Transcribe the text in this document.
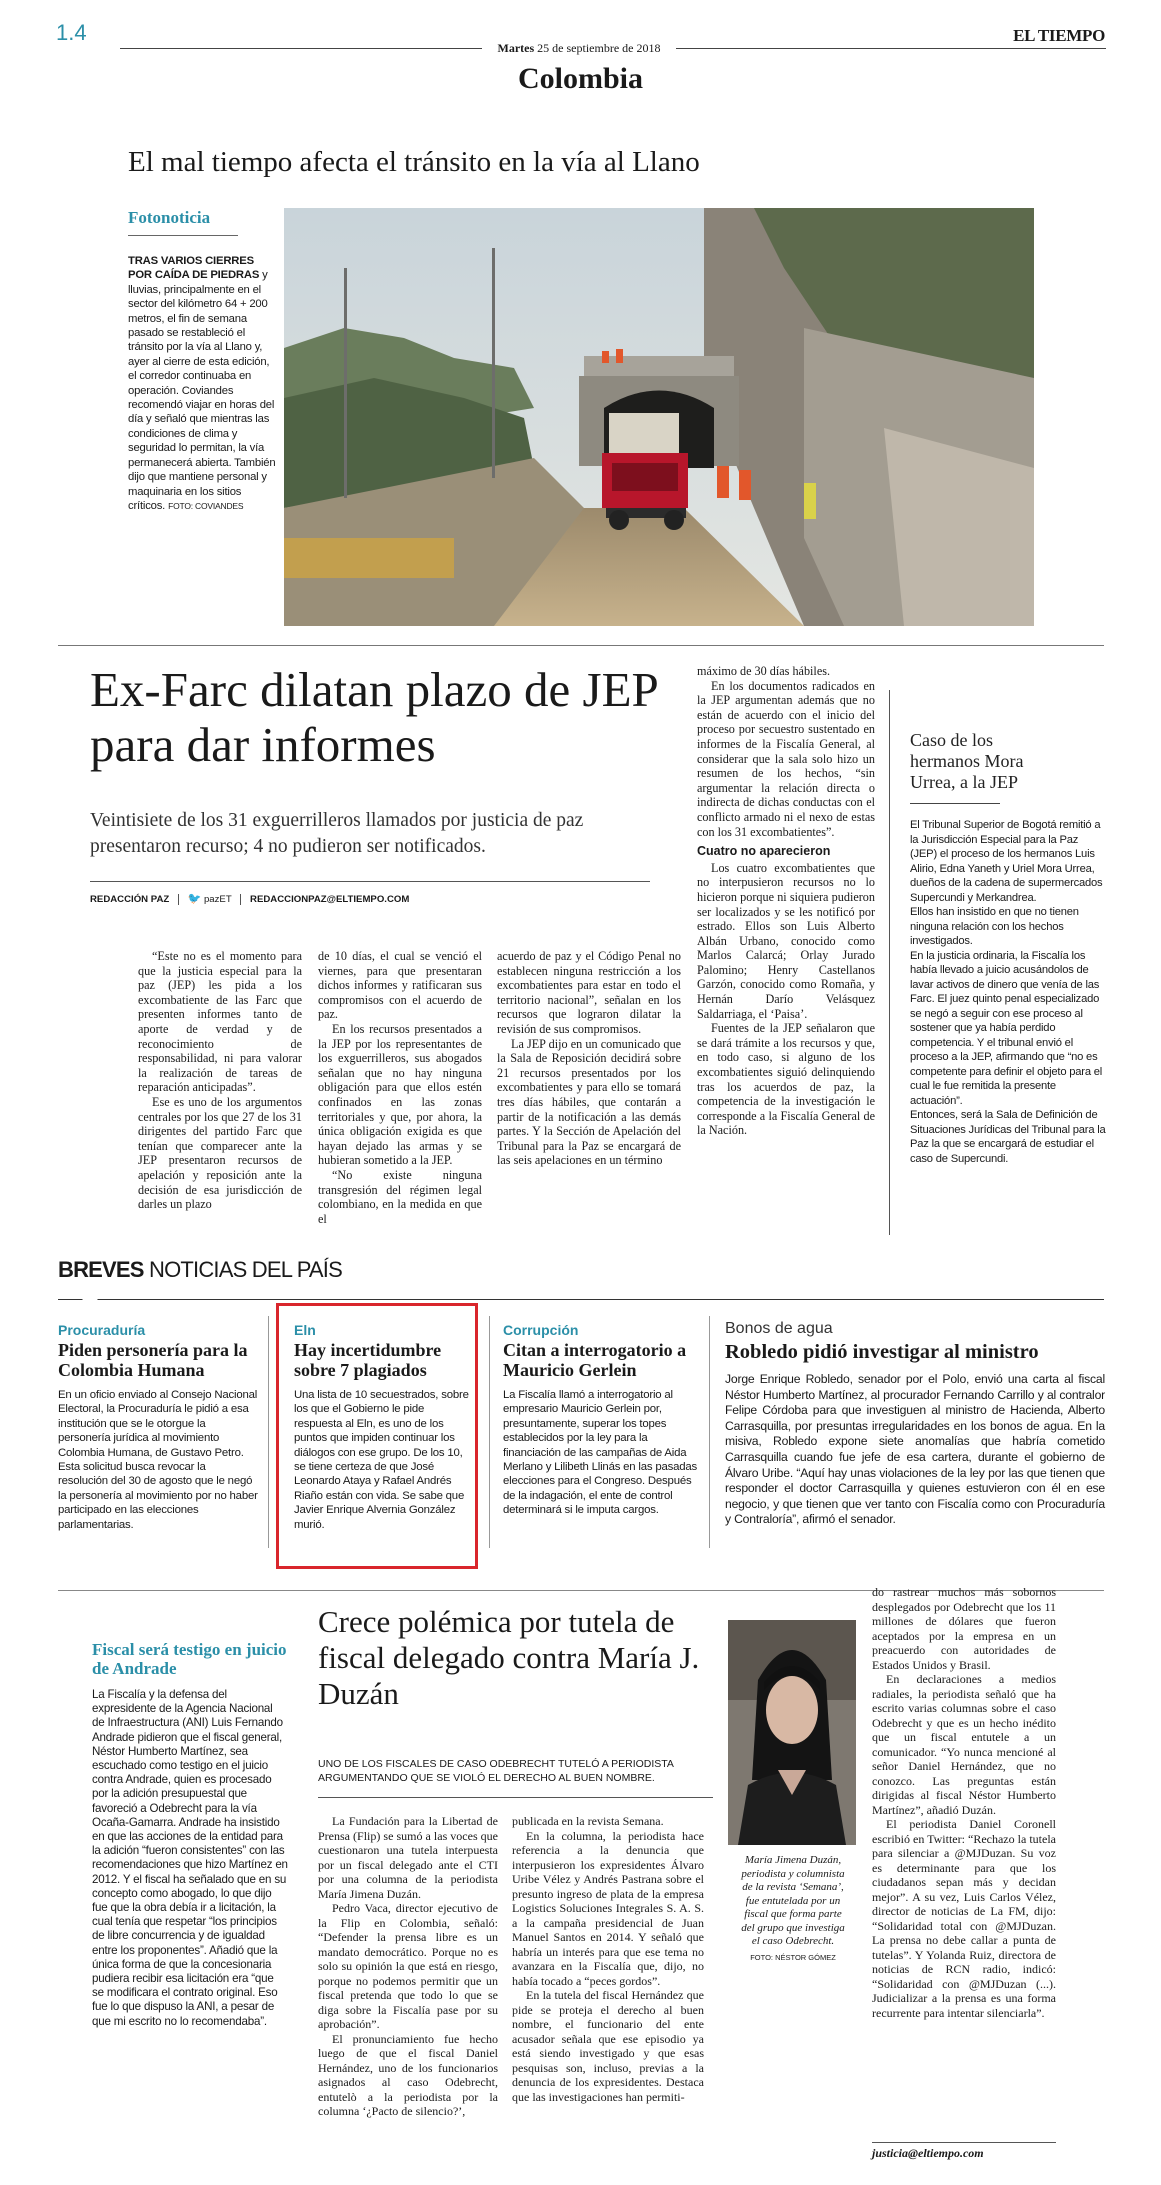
1.4
Martes 25 de septiembre de 2018
EL TIEMPO
Colombia
El mal tiempo afecta el tránsito en la vía al Llano
Fotonoticia
TRAS VARIOS CIERRES POR CAÍDA DE PIEDRAS y lluvias, principalmente en el sector del kilómetro 64 + 200 metros, el fin de semana pasado se restableció el tránsito por la vía al Llano y, ayer al cierre de esta edición, el corredor continuaba en operación. Coviandes recomendó viajar en horas del día y señaló que mientras las condiciones de clima y seguridad lo permitan, la vía permanecerá abierta. También dijo que mantiene personal y maquinaria en los sitios críticos. FOTO: COVIANDES
Ex-Farc dilatan plazo de JEP para dar informes
Veintisiete de los 31 exguerrilleros llamados por justicia de paz presentaron recurso; 4 no pudieron ser notificados.
REDACCIÓN PAZ 🐦 pazET REDACCIONPAZ@ELTIEMPO.COM

“Este no es el momento para que la justicia especial para la paz (JEP) les pida a los excombatiente de las Farc que presenten informes tanto de aporte de verdad y de reconocimiento de responsabilidad, ni para valorar la realización de tareas de reparación anticipadas”.

Ese es uno de los argumentos centrales por los que 27 de los 31 dirigentes del partido Farc que tenían que comparecer ante la JEP presentaron recursos de apelación y reposición ante la decisión de esa jurisdicción de darles un plazo

de 10 días, el cual se venció el viernes, para que presentaran dichos informes y ratificaran sus compromisos con el acuerdo de paz.

En los recursos presentados a la JEP por los representantes de los exguerrilleros, sus abogados señalan que no hay ninguna obligación para que ellos estén confinados en las zonas territoriales y que, por ahora, la única obligación exigida es que hayan dejado las armas y se hubieran sometido a la JEP.

“No existe ninguna transgresión del régimen legal colombiano, en la medida en que el

acuerdo de paz y el Código Penal no establecen ninguna restricción a los excombatientes para estar en todo el territorio nacional”, señalan en los recursos que lograron dilatar la revisión de sus compromisos.

La JEP dijo en un comunicado que la Sala de Reposición decidirá sobre 21 recursos presentados por los excombatientes y para ello se tomará tres días hábiles, que contarán a partir de la notificación a las demás partes. Y la Sección de Apelación del Tribunal para la Paz se encargará de las seis apelaciones en un término

máximo de 30 días hábiles.

En los documentos radicados en la JEP argumentan además que no están de acuerdo con el inicio del proceso por secuestro sustentado en informes de la Fiscalía General, al considerar que la sala solo hizo un resumen de los hechos, “sin argumentar la relación directa o indirecta de dichas conductas con el conflicto armado ni el nexo de estas con los 31 excombatientes”.

Cuatro no aparecieron

Los cuatro excombatientes que no interpusieron recursos no lo hicieron porque ni siquiera pudieron ser localizados y se les notificó por estrado. Ellos son Luis Alberto Albán Urbano, conocido como Marlos Calarcá; Orlay Jurado Palomino; Henry Castellanos Garzón, conocido como Romaña, y Hernán Darío Velásquez Saldarriaga, el ‘Paisa’.

Fuentes de la JEP señalaron que se dará trámite a los recursos y que, en todo caso, si alguno de los excombatientes siguió delinquiendo tras los acuerdos de paz, la competencia de la investigación le corresponde a la Fiscalía General de la Nación.

Caso de los hermanos Mora Urrea, a la JEP
El Tribunal Superior de Bogotá remitió a la Jurisdicción Especial para la Paz (JEP) el proceso de los hermanos Luis Alirio, Edna Yaneth y Uriel Mora Urrea, dueños de la cadena de supermercados Supercundi y Merkandrea.
Ellos han insistido en que no tienen ninguna relación con los hechos investigados.
En la justicia ordinaria, la Fiscalía los había llevado a juicio acusándolos de lavar activos de dinero que venía de las Farc. El juez quinto penal especializado se negó a seguir con ese proceso al sostener que ya había perdido competencia. Y el tribunal envió el proceso a la JEP, afirmando que “no es competente para definir el objeto para el cual le fue remitida la presente actuación”.
Entonces, será la Sala de Definición de Situaciones Jurídicas del Tribunal para la Paz la que se encargará de estudiar el caso de Supercundi.
BREVES NOTICIAS DEL PAÍS
Procuraduría
Piden personería para la Colombia Humana
En un oficio enviado al Consejo Nacional Electoral, la Procuraduría le pidió a esa institución que se le otorgue la personería jurídica al movimiento Colombia Humana, de Gustavo Petro. Esta solicitud busca revocar la resolución del 30 de agosto que le negó la personería al movimiento por no haber participado en las elecciones parlamentarias.
Eln
Hay incertidumbre sobre 7 plagiados
Una lista de 10 secuestrados, sobre los que el Gobierno le pide respuesta al Eln, es uno de los puntos que impiden continuar los diálogos con ese grupo. De los 10, se tiene certeza de que José Leonardo Ataya y Rafael Andrés Riaño están con vida. Se sabe que Javier Enrique Alvernia González murió.
Corrupción
Citan a interrogatorio a Mauricio Gerlein
La Fiscalía llamó a interrogatorio al empresario Mauricio Gerlein por, presuntamente, superar los topes establecidos por la ley para la financiación de las campañas de Aida Merlano y Lilibeth Llinás en las pasadas elecciones para el Congreso. Después de la indagación, el ente de control determinará si le imputa cargos.
Bonos de agua
Robledo pidió investigar al ministro
Jorge Enrique Robledo, senador por el Polo, envió una carta al fiscal Néstor Humberto Martínez, al procurador Fernando Carrillo y al contralor Felipe Córdoba para que investiguen al ministro de Hacienda, Alberto Carrasquilla, por presuntas irregularidades en los bonos de agua. En la misiva, Robledo expone siete anomalías que habría cometido Carrasquilla cuando fue jefe de esa cartera, durante el gobierno de Álvaro Uribe. “Aquí hay unas violaciones de la ley por las que tienen que responder el doctor Carrasquilla y quienes estuvieron con él en ese negocio, y que tienen que ver tanto con Fiscalía como con Procuraduría y Contraloría”, afirmó el senador.
Fiscal será testigo en juicio de Andrade
La Fiscalía y la defensa del expresidente de la Agencia Nacional de Infraestructura (ANI) Luis Fernando Andrade pidieron que el fiscal general, Néstor Humberto Martínez, sea escuchado como testigo en el juicio contra Andrade, quien es procesado por la adición presupuestal que favoreció a Odebrecht para la vía Ocaña-Gamarra. Andrade ha insistido en que las acciones de la entidad para la adición “fueron consistentes” con las recomendaciones que hizo Martínez en 2012. Y el fiscal ha señalado que en su concepto como abogado, lo que dijo fue que la obra debía ir a licitación, la cual tenía que respetar “los principios de libre concurrencia y de igualdad entre los proponentes”. Añadió que la única forma de que la concesionaria pudiera recibir esa licitación era “que se modificara el contrato original. Eso fue lo que dispuso la ANI, a pesar de que mi escrito no lo recomendaba”.
Crece polémica por tutela de fiscal delegado contra María J. Duzán
UNO DE LOS FISCALES DE CASO ODEBRECHT TUTELÓ A PERIODISTA ARGUMENTANDO QUE SE VIOLÓ EL DERECHO AL BUEN NOMBRE.

La Fundación para la Libertad de Prensa (Flip) se sumó a las voces que cuestionaron una tutela interpuesta por un fiscal delegado ante el CTI por una columna de la periodista María Jimena Duzán.

Pedro Vaca, director ejecutivo de la Flip en Colombia, señaló: “Defender la prensa libre es un mandato democrático. Porque no es solo su opinión la que está en riesgo, porque no podemos permitir que un fiscal pretenda que todo lo que se diga sobre la Fiscalía pase por su aprobación”.

El pronunciamiento fue hecho luego de que el fiscal Daniel Hernández, uno de los funcionarios asignados al caso Odebrecht, entutelò a la periodista por la columna ‘¿Pacto de silencio?’,

publicada en la revista Semana.

En la columna, la periodista hace referencia a la denuncia que interpusieron los expresidentes Álvaro Uribe Vélez y Andrés Pastrana sobre el presunto ingreso de plata de la empresa Logistics Soluciones Integrales S. A. S. a la campaña presidencial de Juan Manuel Santos en 2014. Y señaló que habría un interés para que ese tema no avanzara en la Fiscalía que, dijo, no había tocado a “peces gordos”.

En la tutela del fiscal Hernández que pide se proteja el derecho al buen nombre, el funcionario del ente acusador señala que ese episodio ya está siendo investigado y que esas pesquisas son, incluso, previas a la denuncia de los expresidentes. Destaca que las investigaciones han permiti-

María Jimena Duzán, periodista y columnista de la revista ‘Semana’, fue entutelada por un fiscal que forma parte del grupo que investiga el caso Odebrecht.
FOTO: NÉSTOR GÓMEZ

do rastrear muchos más sobornos desplegados por Odebrecht que los 11 millones de dólares que fueron aceptados por la empresa en un preacuerdo con autoridades de Estados Unidos y Brasil.

En declaraciones a medios radiales, la periodista señaló que ha escrito varias columnas sobre el caso Odebrecht y que es un hecho inédito que un fiscal entutele a un comunicador. “Yo nunca mencioné al señor Daniel Hernández, que no conozco. Las preguntas están dirigidas al fiscal Néstor Humberto Martínez”, añadió Duzán.

El periodista Daniel Coronell escribió en Twitter: “Rechazo la tutela para silenciar a @MJDuzan. Su voz es determinante para que los ciudadanos sepan más y decidan mejor”. A su vez, Luis Carlos Vélez, director de noticias de La FM, dijo: “Solidaridad total con @MJDuzan. La prensa no debe callar a punta de tutelas”. Y Yolanda Ruiz, directora de noticias de RCN radio, indicó: “Solidaridad con @MJDuzan (...). Judicializar a la prensa es una forma recurrente para intentar silenciarla”.

justicia@eltiempo.com
